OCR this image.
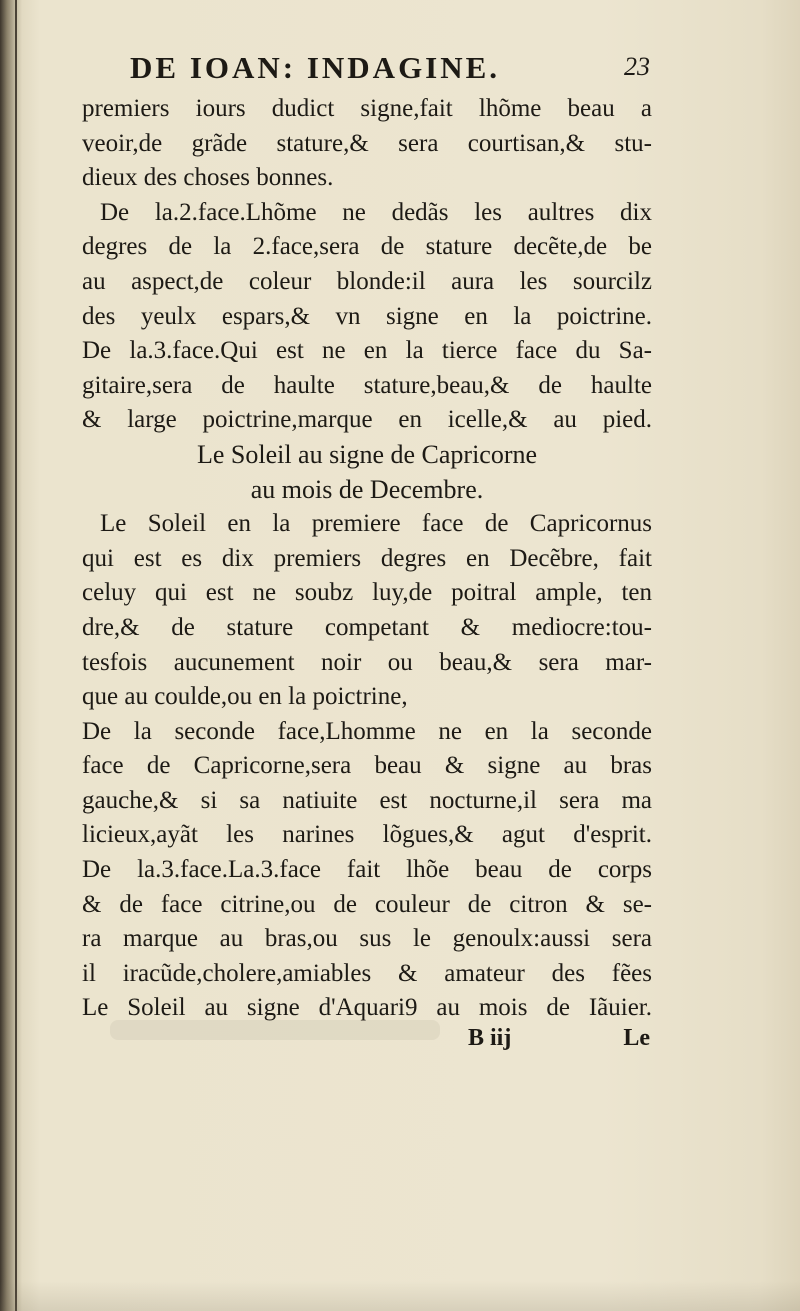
DE IOAN: INDAGINE.	23
premiers iours dudict signe,fait lhõme beau a
veoir,de grãde stature,& sera courtisan,& stu-
dieux des choses bonnes.
De la.2.face.Lhõme ne dedãs les aultres dix
degres de la 2.face,sera de stature decẽte,de be
au aspect,de coleur blonde:il aura les sourcilz
des yeulx espars,& vn signe en la poictrine.
De la.3.face.Qui est ne en la tierce face du Sa-
gitaire,sera de haulte stature,beau,& de haulte
& large poictrine,marque en icelle,& au pied.
Le Soleil au signe de Capricorne
au mois de Decembre.
Le Soleil en la premiere face de Capricornus
qui est es dix premiers degres en Decẽbre, fait
celuy qui est ne soubz luy,de poitral ample, ten
dre,& de stature competant & mediocre:tou-
tesfois aucunement noir ou beau,& sera mar-
que au coulde,ou en la poictrine,
De la seconde face,Lhomme ne en la seconde
face de Capricorne,sera beau & signe au bras
gauche,& si sa natiuite est nocturne,il sera ma
licieux,ayãt les narines lõgues,& agut d'esprit.
De la.3.face.La.3.face fait lhõe beau de corps
& de face citrine,ou de couleur de citron & se-
ra marque au bras,ou sus le genoulx:aussi sera
il iracũde,cholere,amiables & amateur des fẽes
Le Soleil au signe d'Aquari9 au mois de Iãuier.
B iij	Le
